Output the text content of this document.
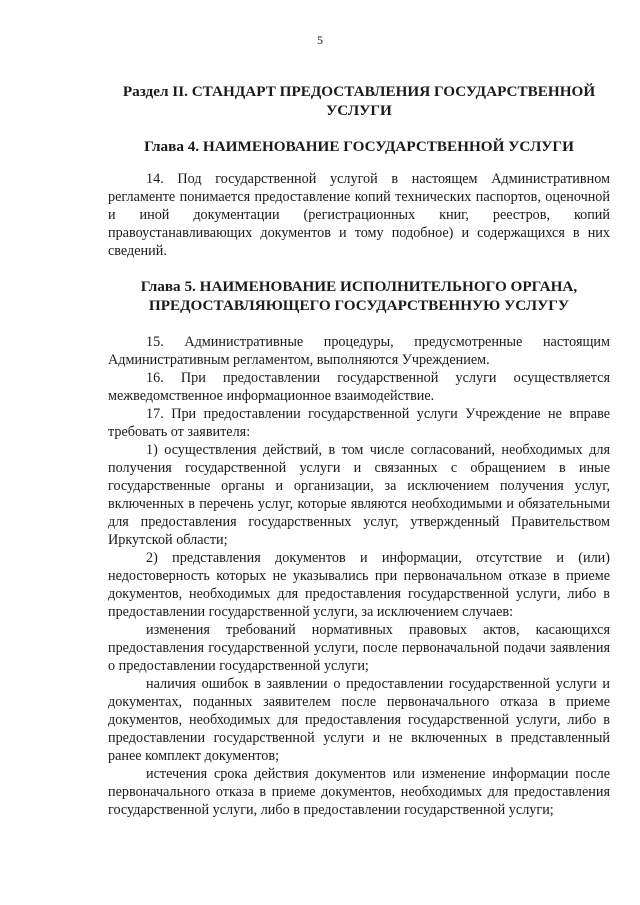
5
Раздел II. СТАНДАРТ ПРЕДОСТАВЛЕНИЯ ГОСУДАРСТВЕННОЙ УСЛУГИ
Глава 4. НАИМЕНОВАНИЕ ГОСУДАРСТВЕННОЙ УСЛУГИ

14. Под государственной услугой в настоящем Административном регламенте понимается предоставление копий технических паспортов, оценочной и иной документации (регистрационных книг, реестров, копий правоустанавливающих документов и тому подобное) и содержащихся в них сведений.

Глава 5. НАИМЕНОВАНИЕ ИСПОЛНИТЕЛЬНОГО ОРГАНА, ПРЕДОСТАВЛЯЮЩЕГО ГОСУДАРСТВЕННУЮ УСЛУГУ

15. Административные процедуры, предусмотренные настоящим Административным регламентом, выполняются Учреждением.

16. При предоставлении государственной услуги осуществляется межведомственное информационное взаимодействие.

17. При предоставлении государственной услуги Учреждение не вправе требовать от заявителя:

1) осуществления действий, в том числе согласований, необходимых для получения государственной услуги и связанных с обращением в иные государственные органы и организации, за исключением получения услуг, включенных в перечень услуг, которые являются необходимыми и обязательными для предоставления государственных услуг, утвержденный Правительством Иркутской области;

2) представления документов и информации, отсутствие и (или) недостоверность которых не указывались при первоначальном отказе в приеме документов, необходимых для предоставления государственной услуги, либо в предоставлении государственной услуги, за исключением случаев:

изменения требований нормативных правовых актов, касающихся предоставления государственной услуги, после первоначальной подачи заявления о предоставлении государственной услуги;

наличия ошибок в заявлении о предоставлении государственной услуги и документах, поданных заявителем после первоначального отказа в приеме документов, необходимых для предоставления государственной услуги, либо в предоставлении государственной услуги и не включенных в представленный ранее комплект документов;

истечения срока действия документов или изменение информации после первоначального отказа в приеме документов, необходимых для предоставления государственной услуги, либо в предоставлении государственной услуги;
